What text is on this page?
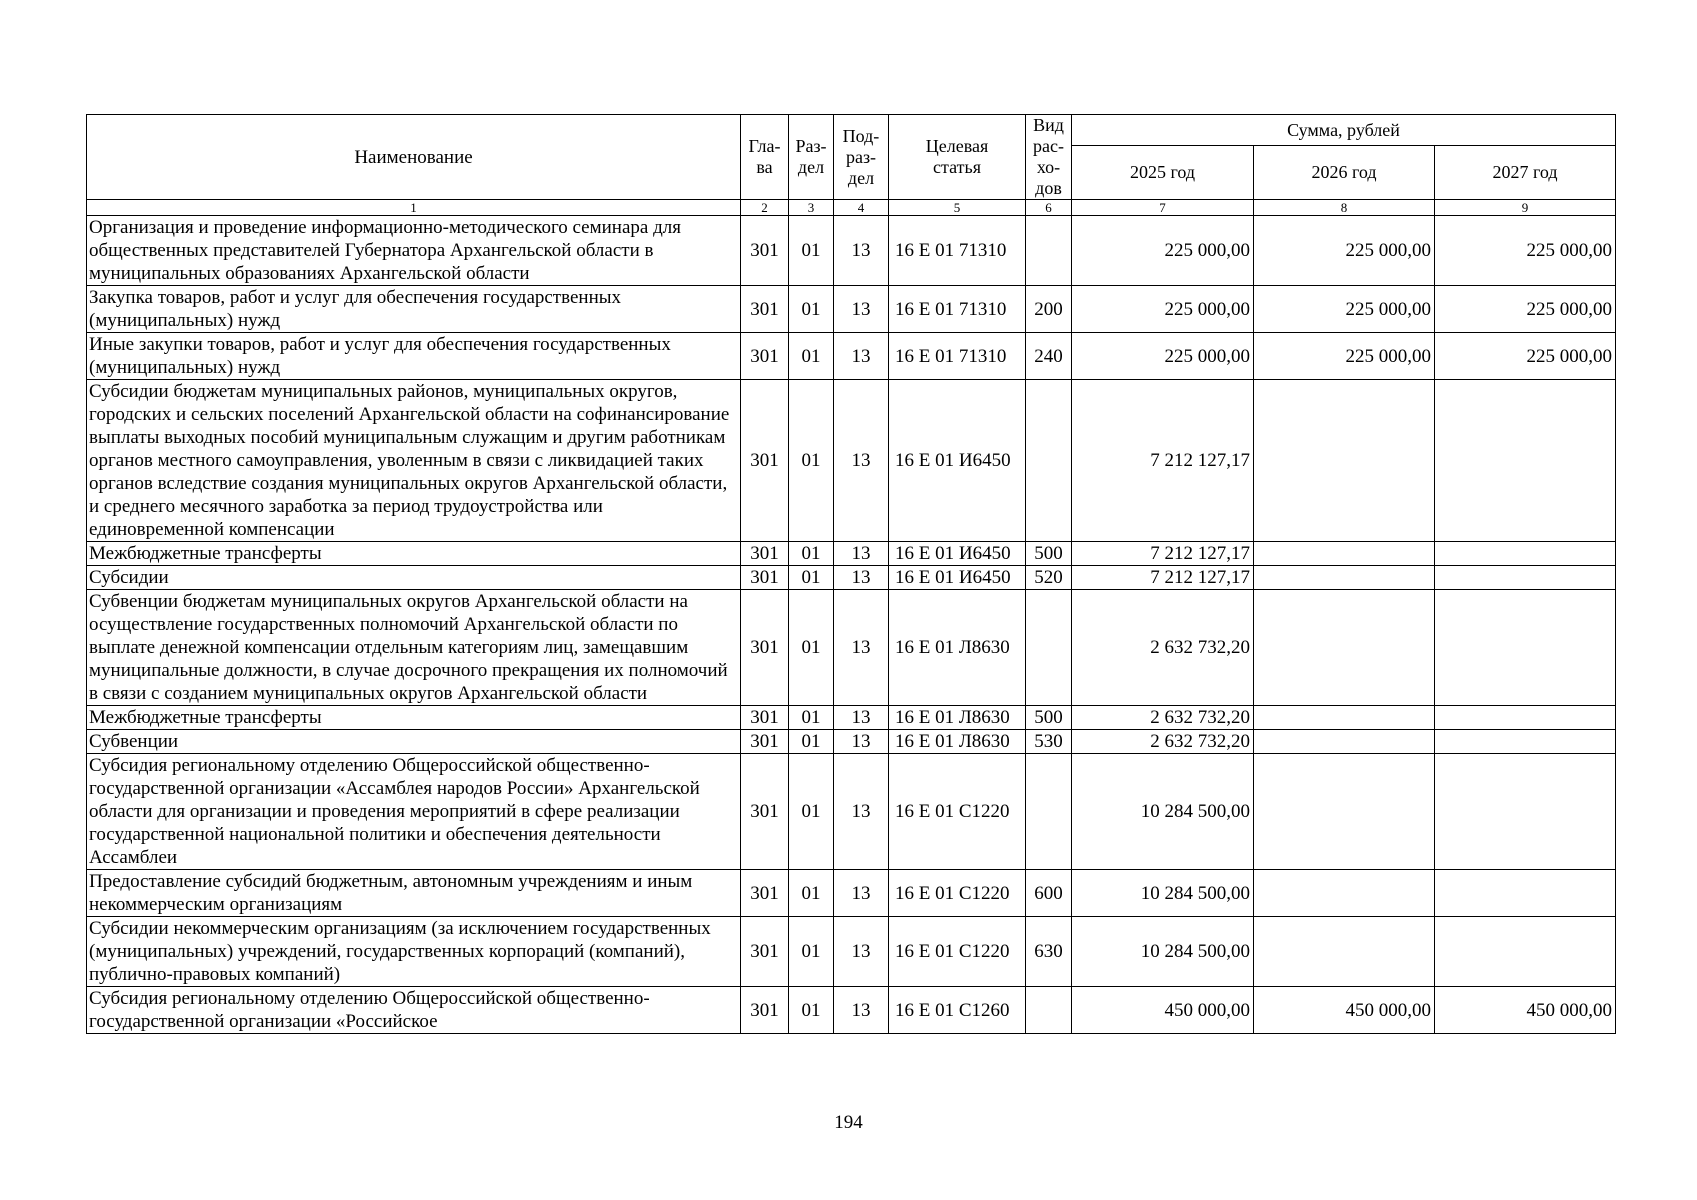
Наименование	Гла-ва	Раз-дел	Под-раз-дел	Целевая статья	Вид рас-хо-дов	Сумма, рублей		
						2025 год	2026 год	2027 год
1	2	3	4	5	6	7	8	9
Организация и проведение информационно-методического семинара для общественных представителей Губернатора Архангельской области в муниципальных образованиях Архангельской области	301	01	13	16 Е 01 71310		225 000,00	225 000,00	225 000,00
Закупка товаров, работ и услуг для обеспечения государственных (муниципальных) нужд	301	01	13	16 Е 01 71310	200	225 000,00	225 000,00	225 000,00
Иные закупки товаров, работ и услуг для обеспечения государственных (муниципальных) нужд	301	01	13	16 Е 01 71310	240	225 000,00	225 000,00	225 000,00
Субсидии бюджетам муниципальных районов, муниципальных округов, городских и сельских поселений Архангельской области на софинансирование выплаты выходных пособий муниципальным служащим и другим работникам органов местного самоуправления, уволенным в связи с ликвидацией таких органов вследствие создания муниципальных округов Архангельской области, и среднего месячного заработка за период трудоустройства или единовременной компенсации	301	01	13	16 Е 01 И6450		7 212 127,17		
Межбюджетные трансферты	301	01	13	16 Е 01 И6450	500	7 212 127,17		
Субсидии	301	01	13	16 Е 01 И6450	520	7 212 127,17		
Субвенции бюджетам муниципальных округов Архангельской области на осуществление государственных полномочий Архангельской области по выплате денежной компенсации отдельным категориям лиц, замещавшим муниципальные должности, в случае досрочного прекращения их полномочий в связи с созданием муниципальных округов Архангельской области	301	01	13	16 Е 01 Л8630		2 632 732,20		
Межбюджетные трансферты	301	01	13	16 Е 01 Л8630	500	2 632 732,20		
Субвенции	301	01	13	16 Е 01 Л8630	530	2 632 732,20		
Субсидия региональному отделению Общероссийской общественно-государственной организации «Ассамблея народов России» Архангельской области для организации и проведения мероприятий в сфере реализации государственной национальной политики и обеспечения деятельности Ассамблеи	301	01	13	16 Е 01 С1220		10 284 500,00		
Предоставление субсидий бюджетным, автономным учреждениям и иным некоммерческим организациям	301	01	13	16 Е 01 С1220	600	10 284 500,00		
Субсидии некоммерческим организациям (за исключением государственных (муниципальных) учреждений, государственных корпораций (компаний), публично-правовых компаний)	301	01	13	16 Е 01 С1220	630	10 284 500,00		
Субсидия региональному отделению Общероссийской общественно-государственной организации «Российское	301	01	13	16 Е 01 С1260		450 000,00	450 000,00	450 000,00
194
